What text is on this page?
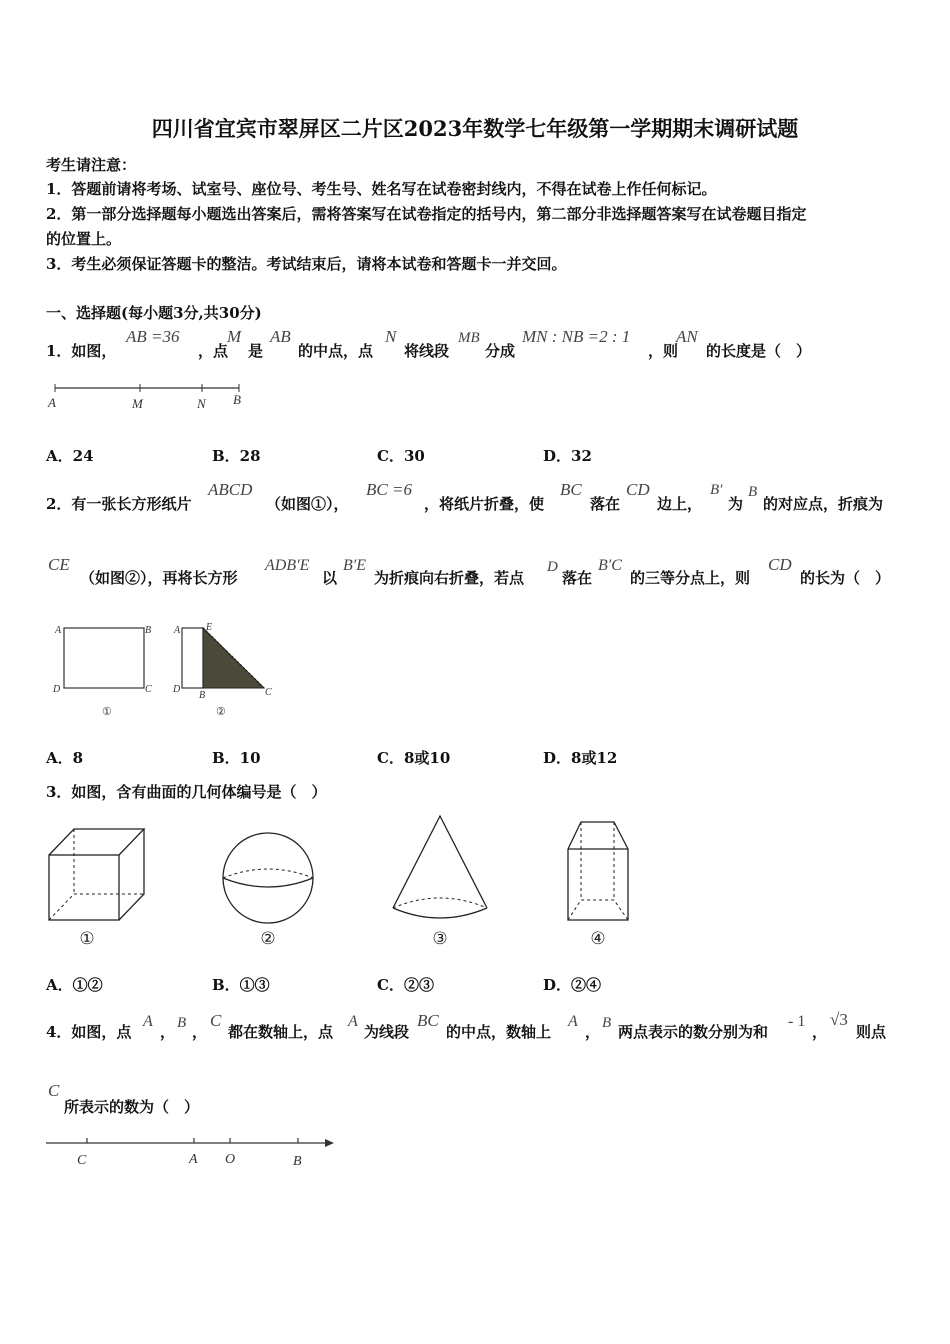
四川省宜宾市翠屏区二片区2023年数学七年级第一学期期末调研试题
考生请注意：
1．答题前请将考场、试室号、座位号、考生号、姓名写在试卷密封线内，不得在试卷上作任何标记。
2．第一部分选择题每小题选出答案后，需将答案写在试卷指定的括号内，第二部分非选择题答案写在试卷题目指定
的位置上。
3．考生必须保证答题卡的整洁。考试结束后，请将本试卷和答题卡一并交回。
一、选择题(每小题3分,共30分)
1．如图，
AB =36
，点
M
是
AB
的中点，点
N
将线段
MB
分成
MN : NB =2 : 1
，则
AN
的长度是（　）
A	M	N B
A．24	B．28	C．30	D．32
2．有一张长方形纸片
ABCD
（如图①），
BC =6
，将纸片折叠，使
BC
落在
CD
边上，
B′
为
B
的对应点，折痕为
CE
（如图②），再将长方形
ADB′E
以
B′E
为折痕向右折叠，若点
D
落在
B′C
的三等分点上，则
CD
的长为（　）
A	B
C
D
①
A	E
D
B	C
②
A．8	B．10	C．8或10	D．8或12
3．如图，含有曲面的几何体编号是（　）
①	②	③	④
A．①②	B．①③	C．②③	D．②④
4．如图，点
A
， B ，
C
都在数轴上，点
A
为线段
BC
的中点，数轴上
A
， B 两点表示的数分别为和
- 1
，
√3
则点
C
所表示的数为（　）
C	A O	B
